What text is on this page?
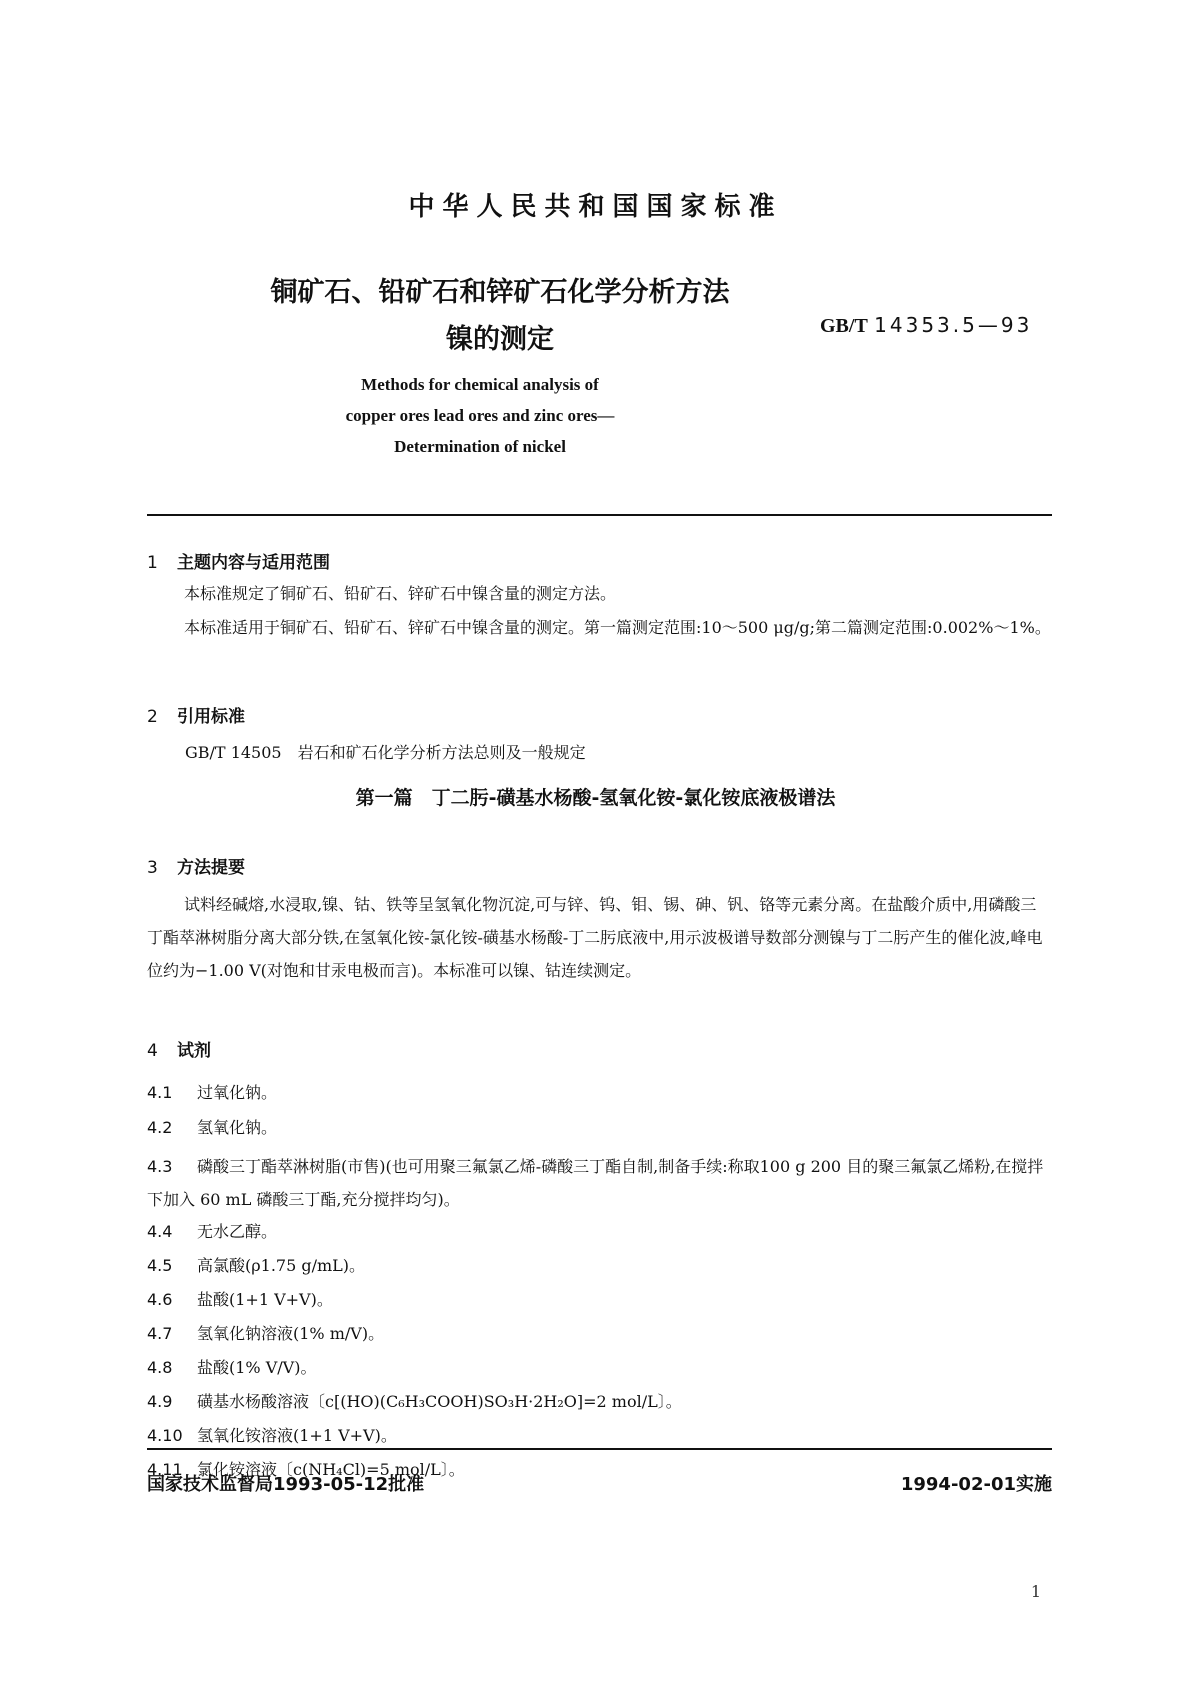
中华人民共和国国家标准
铜矿石、铅矿石和锌矿石化学分析方法
镍的测定	GB/T 14353.5—93
Methods for chemical analysis of
copper ores lead ores and zinc ores—
Determination of nickel
1 主题内容与适用范围
本标准规定了铜矿石、铅矿石、锌矿石中镍含量的测定方法。
本标准适用于铜矿石、铅矿石、锌矿石中镍含量的测定。第一篇测定范围:10～500 μg/g;第二篇测定范围:0.002%～1%。
2 引用标准
GB/T 14505　岩石和矿石化学分析方法总则及一般规定
第一篇　丁二肟-磺基水杨酸-氢氧化铵-氯化铵底液极谱法
3 方法提要
试料经碱熔,水浸取,镍、钴、铁等呈氢氧化物沉淀,可与锌、钨、钼、锡、砷、钒、铬等元素分离。在盐酸介质中,用磷酸三丁酯萃淋树脂分离大部分铁,在氢氧化铵-氯化铵-磺基水杨酸-丁二肟底液中,用示波极谱导数部分测镍与丁二肟产生的催化波,峰电位约为−1.00 V(对饱和甘汞电极而言)。本标准可以镍、钴连续测定。
4 试剂
4.1 过氧化钠。
4.2 氢氧化钠。
4.3 磷酸三丁酯萃淋树脂(市售)(也可用聚三氟氯乙烯-磷酸三丁酯自制,制备手续:称取100 g 200 目的聚三氟氯乙烯粉,在搅拌下加入 60 mL 磷酸三丁酯,充分搅拌均匀)。
4.4 无水乙醇。
4.5 高氯酸(ρ1.75 g/mL)。
4.6 盐酸(1+1 V+V)。
4.7 氢氧化钠溶液(1% m/V)。
4.8 盐酸(1% V/V)。
4.9 磺基水杨酸溶液〔c[(HO)(C₆H₃COOH)SO₃H·2H₂O]=2 mol/L〕。
4.10 氢氧化铵溶液(1+1 V+V)。
4.11 氯化铵溶液〔c(NH₄Cl)=5 mol/L〕。
国家技术监督局1993-05-12批准	1994-02-01实施
1
